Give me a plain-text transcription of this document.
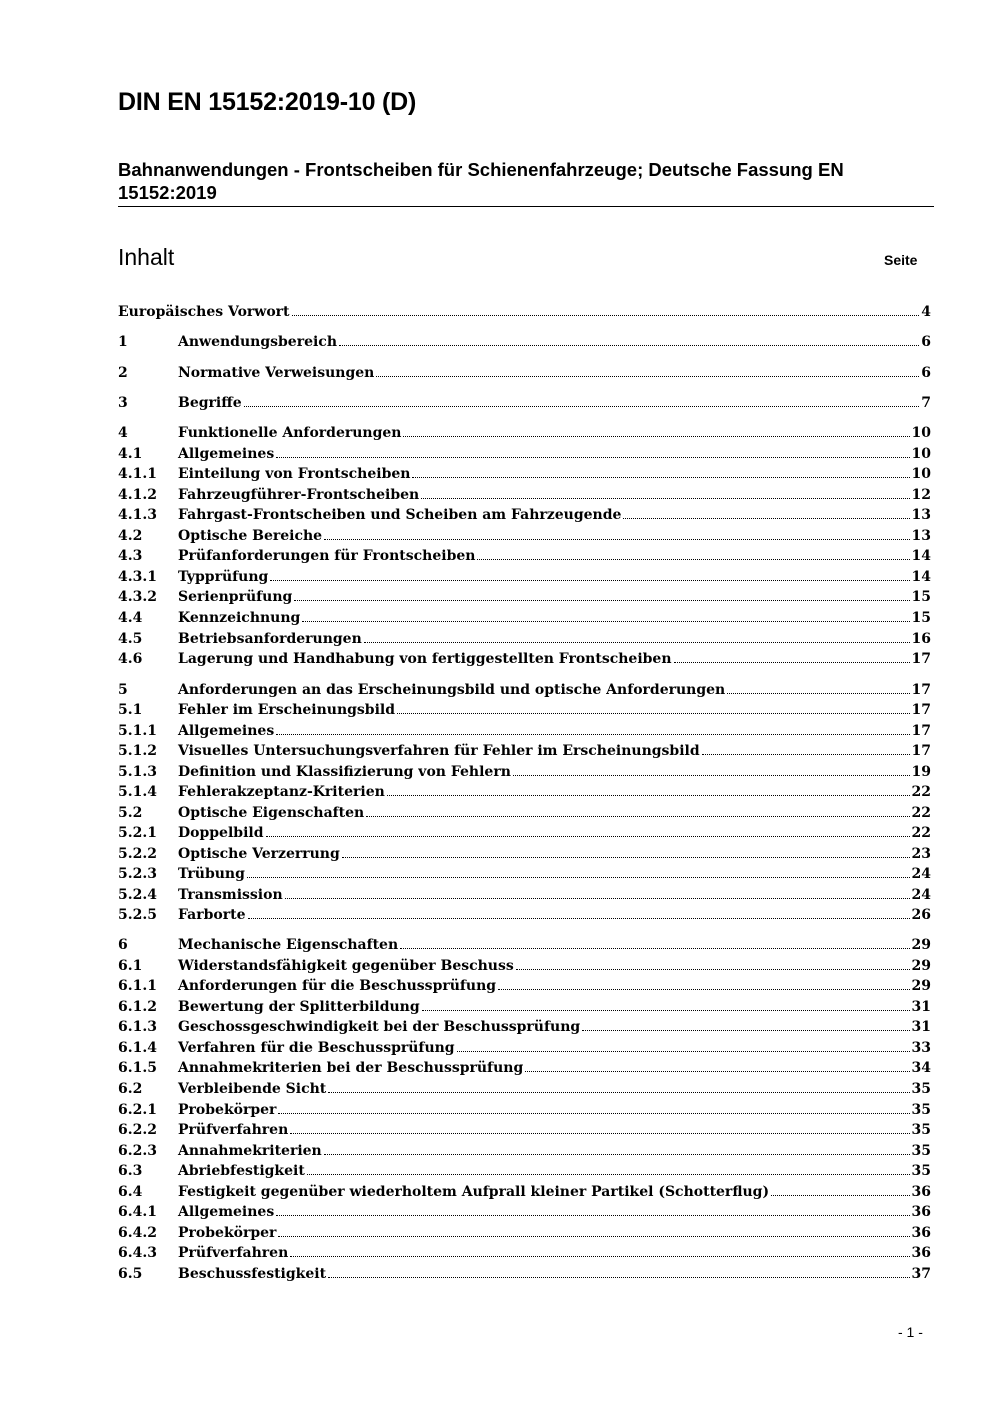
DIN EN 15152:2019-10 (D)
Bahnanwendungen - Frontscheiben für Schienenfahrzeuge; Deutsche Fassung EN 15152:2019
Inhalt	Seite
Europäisches Vorwort	4
1	Anwendungsbereich	6
2	Normative Verweisungen	6
3	Begriffe	7
4	Funktionelle Anforderungen	10
4.1	Allgemeines	10
4.1.1	Einteilung von Frontscheiben	10
4.1.2	Fahrzeugführer-Frontscheiben	12
4.1.3	Fahrgast-Frontscheiben und Scheiben am Fahrzeugende	13
4.2	Optische Bereiche	13
4.3	Prüfanforderungen für Frontscheiben	14
4.3.1	Typprüfung	14
4.3.2	Serienprüfung	15
4.4	Kennzeichnung	15
4.5	Betriebsanforderungen	16
4.6	Lagerung und Handhabung von fertiggestellten Frontscheiben	17
5	Anforderungen an das Erscheinungsbild und optische Anforderungen	17
5.1	Fehler im Erscheinungsbild	17
5.1.1	Allgemeines	17
5.1.2	Visuelles Untersuchungsverfahren für Fehler im Erscheinungsbild	17
5.1.3	Definition und Klassifizierung von Fehlern	19
5.1.4	Fehlerakzeptanz-Kriterien	22
5.2	Optische Eigenschaften	22
5.2.1	Doppelbild	22
5.2.2	Optische Verzerrung	23
5.2.3	Trübung	24
5.2.4	Transmission	24
5.2.5	Farborte	26
6	Mechanische Eigenschaften	29
6.1	Widerstandsfähigkeit gegenüber Beschuss	29
6.1.1	Anforderungen für die Beschussprüfung	29
6.1.2	Bewertung der Splitterbildung	31
6.1.3	Geschossgeschwindigkeit bei der Beschussprüfung	31
6.1.4	Verfahren für die Beschussprüfung	33
6.1.5	Annahmekriterien bei der Beschussprüfung	34
6.2	Verbleibende Sicht	35
6.2.1	Probekörper	35
6.2.2	Prüfverfahren	35
6.2.3	Annahmekriterien	35
6.3	Abriebfestigkeit	35
6.4	Festigkeit gegenüber wiederholtem Aufprall kleiner Partikel (Schotterflug)	36
6.4.1	Allgemeines	36
6.4.2	Probekörper	36
6.4.3	Prüfverfahren	36
6.5	Beschussfestigkeit	37
- 1 -
